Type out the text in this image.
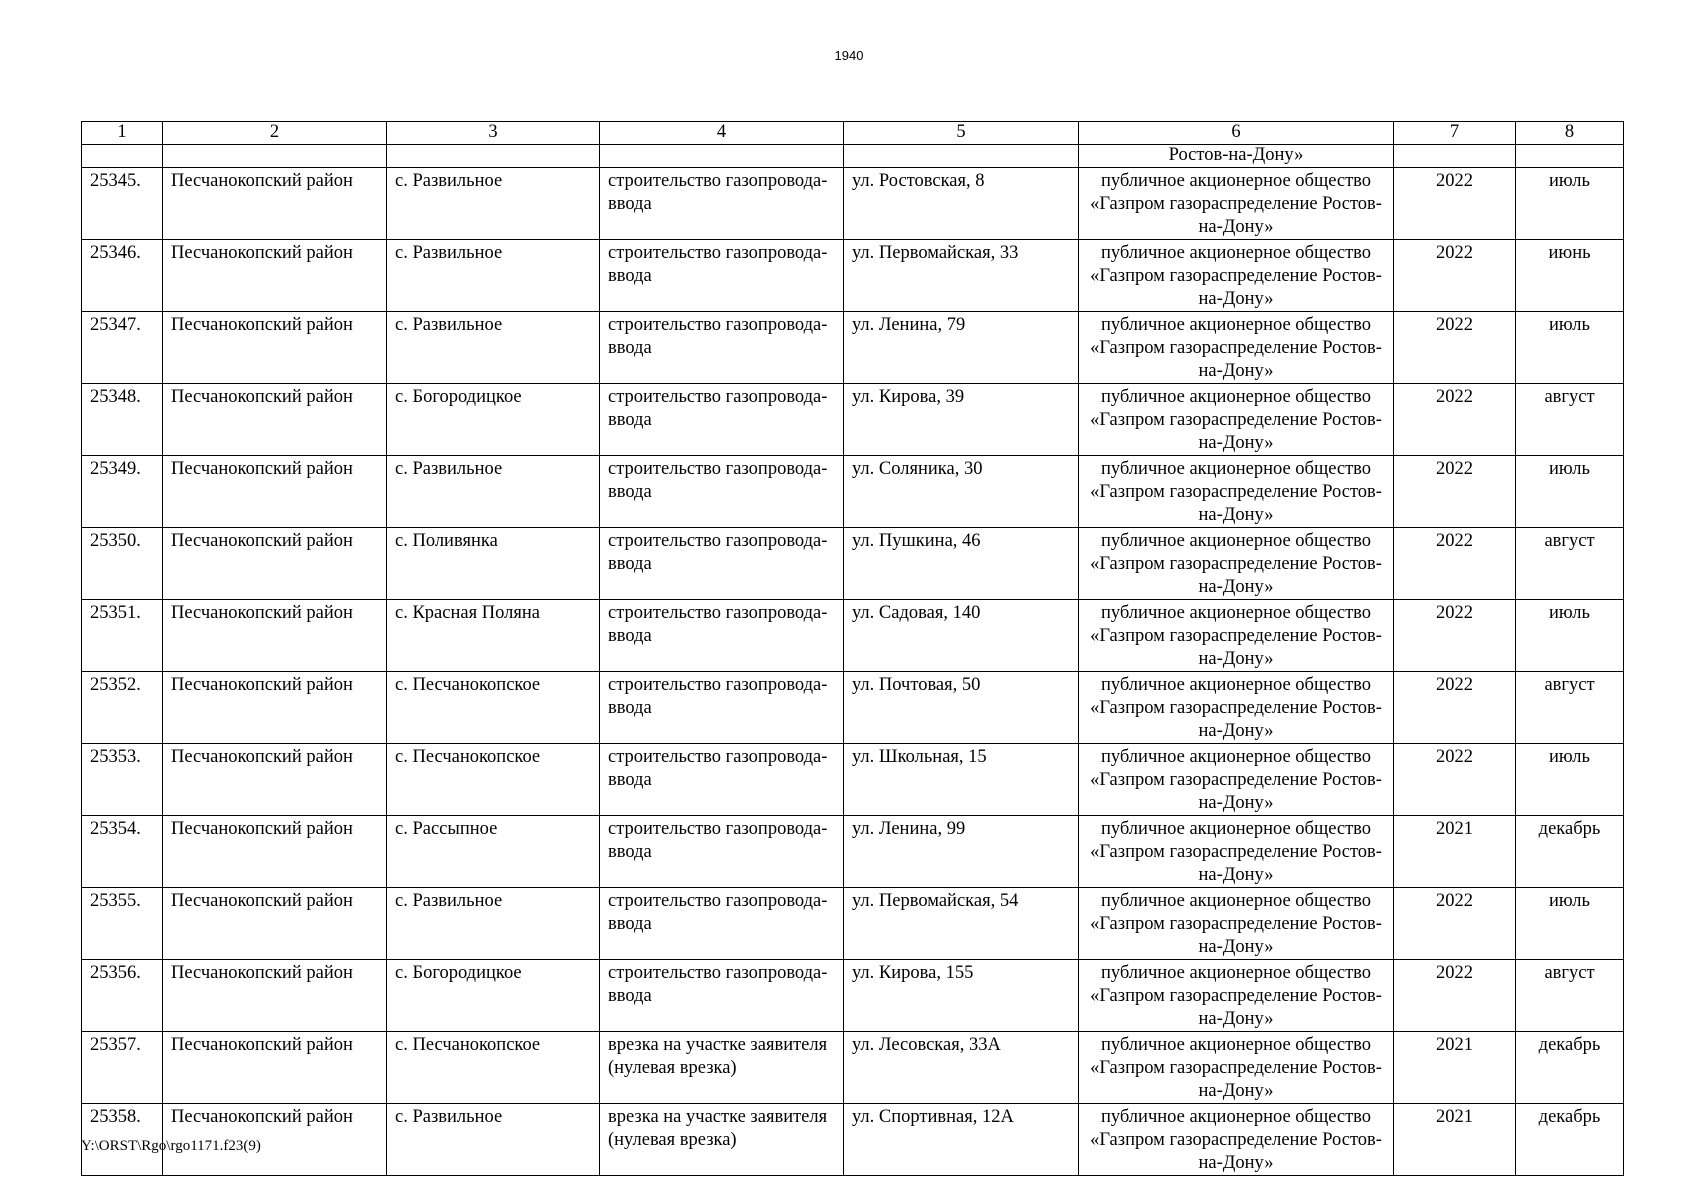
1940
1	2	3	4	5	6	7	8
					Ростов-на-Дону»		
25345.	Песчанокопский район	с. Развильное	строительство газопровода-ввода	ул. Ростовская, 8	публичное акционерное общество «Газпром газораспределение Ростов-на-Дону»	2022	июль
25346.	Песчанокопский район	с. Развильное	строительство газопровода-ввода	ул. Первомайская, 33	публичное акционерное общество «Газпром газораспределение Ростов-на-Дону»	2022	июнь
25347.	Песчанокопский район	с. Развильное	строительство газопровода-ввода	ул. Ленина, 79	публичное акционерное общество «Газпром газораспределение Ростов-на-Дону»	2022	июль
25348.	Песчанокопский район	с. Богородицкое	строительство газопровода-ввода	ул. Кирова, 39	публичное акционерное общество «Газпром газораспределение Ростов-на-Дону»	2022	август
25349.	Песчанокопский район	с. Развильное	строительство газопровода-ввода	ул. Соляника, 30	публичное акционерное общество «Газпром газораспределение Ростов-на-Дону»	2022	июль
25350.	Песчанокопский район	с. Поливянка	строительство газопровода-ввода	ул. Пушкина, 46	публичное акционерное общество «Газпром газораспределение Ростов-на-Дону»	2022	август
25351.	Песчанокопский район	с. Красная Поляна	строительство газопровода-ввода	ул. Садовая, 140	публичное акционерное общество «Газпром газораспределение Ростов-на-Дону»	2022	июль
25352.	Песчанокопский район	с. Песчанокопское	строительство газопровода-ввода	ул. Почтовая, 50	публичное акционерное общество «Газпром газораспределение Ростов-на-Дону»	2022	август
25353.	Песчанокопский район	с. Песчанокопское	строительство газопровода-ввода	ул. Школьная, 15	публичное акционерное общество «Газпром газораспределение Ростов-на-Дону»	2022	июль
25354.	Песчанокопский район	с. Рассыпное	строительство газопровода-ввода	ул. Ленина, 99	публичное акционерное общество «Газпром газораспределение Ростов-на-Дону»	2021	декабрь
25355.	Песчанокопский район	с. Развильное	строительство газопровода-ввода	ул. Первомайская, 54	публичное акционерное общество «Газпром газораспределение Ростов-на-Дону»	2022	июль
25356.	Песчанокопский район	с. Богородицкое	строительство газопровода-ввода	ул. Кирова, 155	публичное акционерное общество «Газпром газораспределение Ростов-на-Дону»	2022	август
25357.	Песчанокопский район	с. Песчанокопское	врезка на участке заявителя (нулевая врезка)	ул. Лесовская, 33А	публичное акционерное общество «Газпром газораспределение Ростов-на-Дону»	2021	декабрь
25358.	Песчанокопский район	с. Развильное	врезка на участке заявителя (нулевая врезка)	ул. Спортивная, 12А	публичное акционерное общество «Газпром газораспределение Ростов-на-Дону»	2021	декабрь
Y:\ORST\Rgo\rgo1171.f23(9)
